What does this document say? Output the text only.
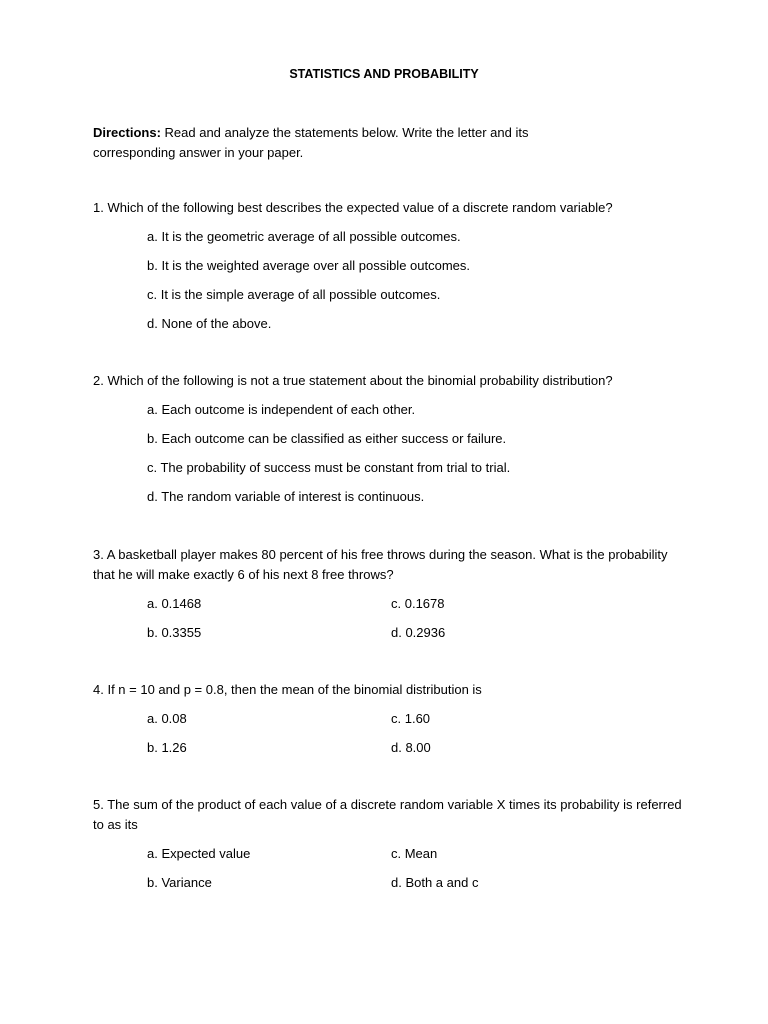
STATISTICS AND PROBABILITY
Directions: Read and analyze the statements below. Write the letter and its corresponding answer in your paper.
1. Which of the following best describes the expected value of a discrete random variable?
a. It is the geometric average of all possible outcomes.
b. It is the weighted average over all possible outcomes.
c. It is the simple average of all possible outcomes.
d. None of the above.
2. Which of the following is not a true statement about the binomial probability distribution?
a. Each outcome is independent of each other.
b. Each outcome can be classified as either success or failure.
c. The probability of success must be constant from trial to trial.
d. The random variable of interest is continuous.
3. A basketball player makes 80 percent of his free throws during the season. What is the probability that he will make exactly 6 of his next 8 free throws?
a. 0.1468	c. 0.1678
b. 0.3355	d. 0.2936
4. If n = 10 and p = 0.8, then the mean of the binomial distribution is
a. 0.08	c. 1.60
b. 1.26	d. 8.00
5. The sum of the product of each value of a discrete random variable X times its probability is referred to as its
a. Expected value	c. Mean
b. Variance	d. Both a and c
